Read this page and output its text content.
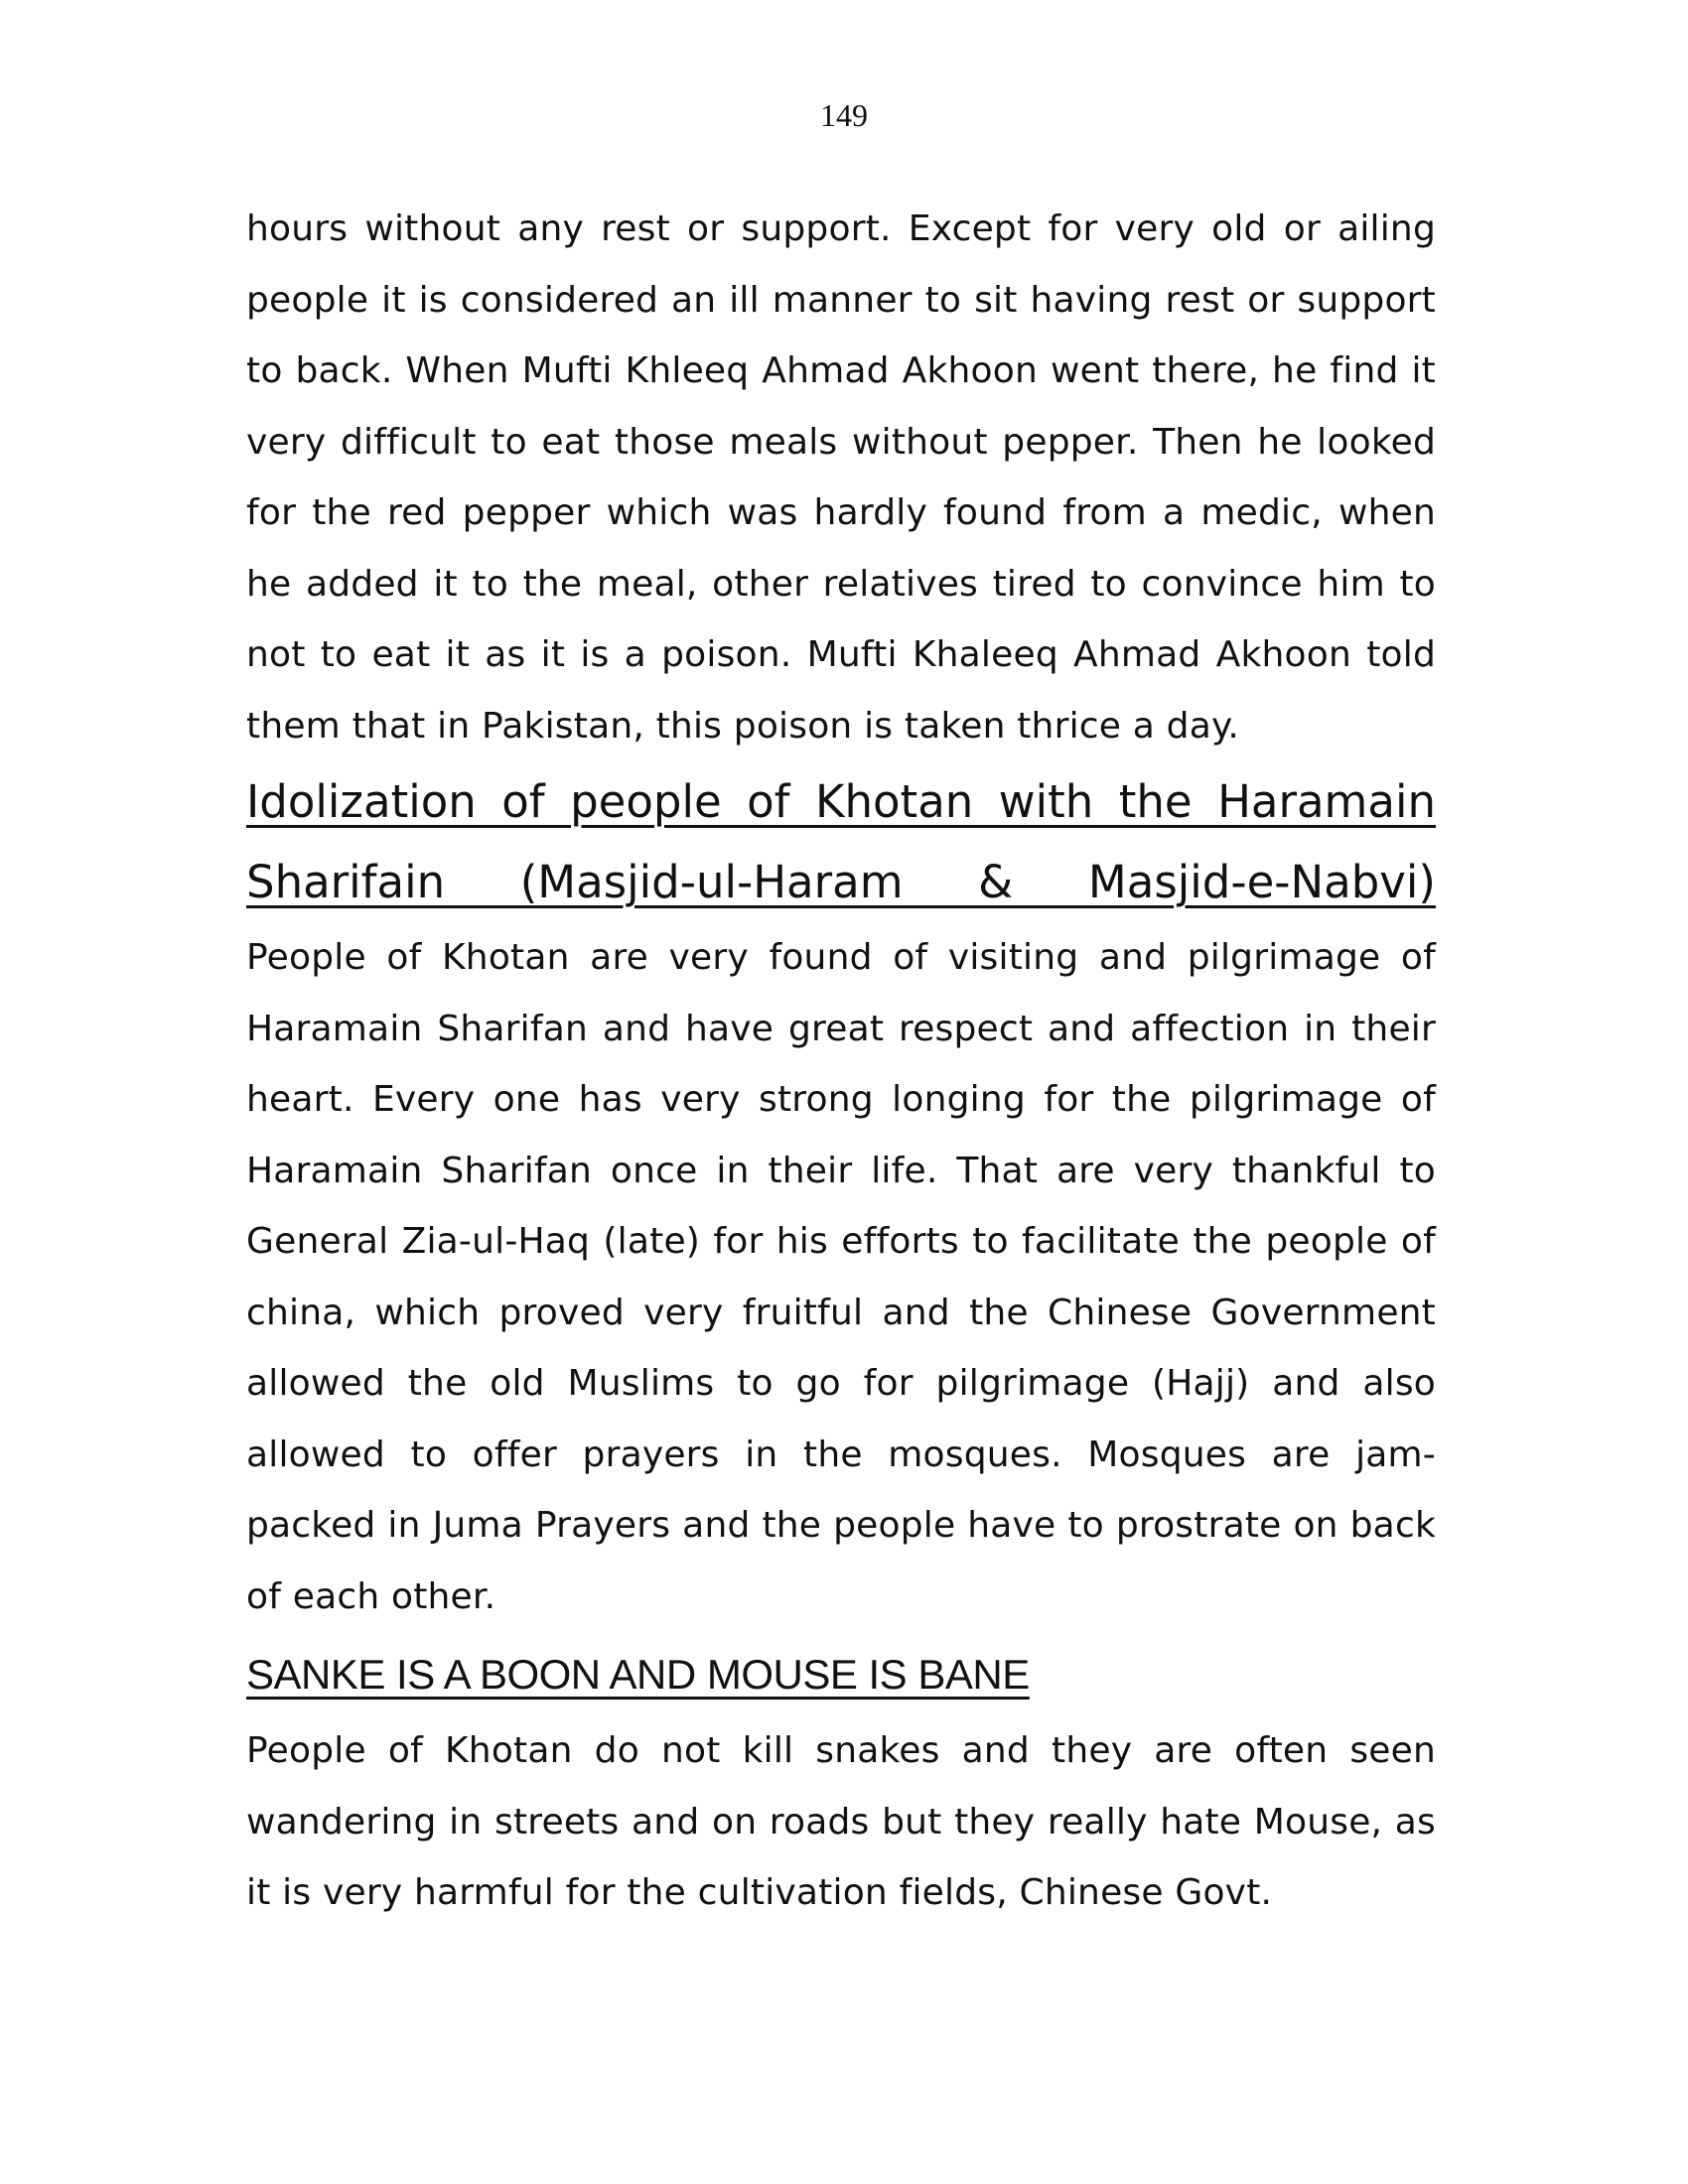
149

hours without any rest or support. Except for very old or ailing people it is considered an ill manner to sit having rest or support to back. When Mufti Khleeq Ahmad Akhoon went there, he find it very difficult to eat those meals without pepper. Then he looked for the red pepper which was hardly found from a medic, when he added it to the meal, other relatives tired to convince him to not to eat it as it is a poison. Mufti Khaleeq Ahmad Akhoon told them that in Pakistan, this poison is taken thrice a day.

Idolization of people of Khotan with the Haramain Sharifain (Masjid-ul-Haram & Masjid-e-Nabvi)

People of Khotan are very found of visiting and pilgrimage of Haramain Sharifan and have great respect and affection in their heart. Every one has very strong longing for the pilgrimage of Haramain Sharifan once in their life. That are very thankful to General Zia-ul-Haq (late) for his efforts to facilitate the people of china, which proved very fruitful and the Chinese Government allowed the old Muslims to go for pilgrimage (Hajj) and also allowed to offer prayers in the mosques. Mosques are jam-packed in Juma Prayers and the people have to prostrate on back of each other.

SANKE IS A BOON AND MOUSE IS BANE

People of Khotan do not kill snakes and they are often seen wandering in streets and on roads but they really hate Mouse, as it is very harmful for the cultivation fields, Chinese Govt.
